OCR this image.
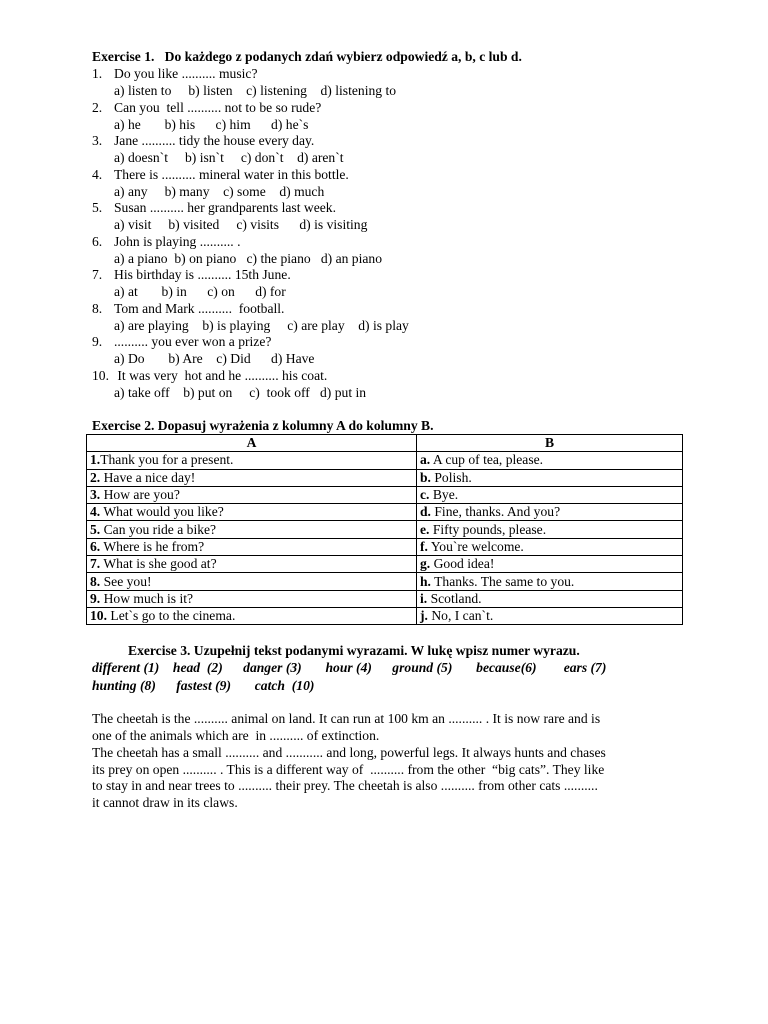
Exercise 1. Do każdego z podanych zdań wybierz odpowiedź a, b, c lub d.
1. Do you like .......... music?
a) listen to     b) listen    c) listening    d) listening to
2. Can you  tell .......... not to be so rude?
a) he       b) his      c) him      d) he`s
3. Jane .......... tidy the house every day.
a) doesn`t     b) isn`t     c) don`t    d) aren`t
4. There is .......... mineral water in this bottle.
a) any     b) many    c) some    d) much
5. Susan .......... her grandparents last week.
a) visit     b) visited     c) visits      d) is visiting
6. John is playing .......... .
a) a piano  b) on piano   c) the piano   d) an piano
7. His birthday is .......... 15th June.
a) at       b) in      c) on      d) for
8. Tom and Mark ..........  football.
a) are playing    b) is playing     c) are play    d) is play
9. .......... you ever won a prize?
a) Do       b) Are    c) Did      d) Have
10. It was very  hot and he .......... his coat.
a) take off    b) put on     c)  took off   d) put in
Exercise 2. Dopasuj wyrażenia z kolumny A do kolumny B.
A	B
1.Thank you for a present.	a. A cup of tea, please.
2. Have a nice day!	b. Polish.
3. How are you?	c. Bye.
4. What would you like?	d. Fine, thanks. And you?
5. Can you ride a bike?	e. Fifty pounds, please.
6. Where is he from?	f. You`re welcome.
7. What is she good at?	g. Good idea!
8. See you!	h. Thanks. The same to you.
9. How much is it?	i. Scotland.
10. Let`s go to the cinema.	j. No, I can`t.
Exercise 3. Uzupełnij tekst podanymi wyrazami. W lukę wpisz numer wyrazu.
different (1)    head  (2)      danger (3)       hour (4)      ground (5)       because(6)        ears (7)
hunting (8)      fastest (9)       catch  (10)
The cheetah is the .......... animal on land. It can run at 100 km an .......... . It is now rare and is
one of the animals which are  in .......... of extinction.
The cheetah has a small .......... and ........... and long, powerful legs. It always hunts and chases
its prey on open .......... . This is a different way of  .......... from the other  “big cats”. They like
to stay in and near trees to .......... their prey. The cheetah is also .......... from other cats ..........
it cannot draw in its claws.
